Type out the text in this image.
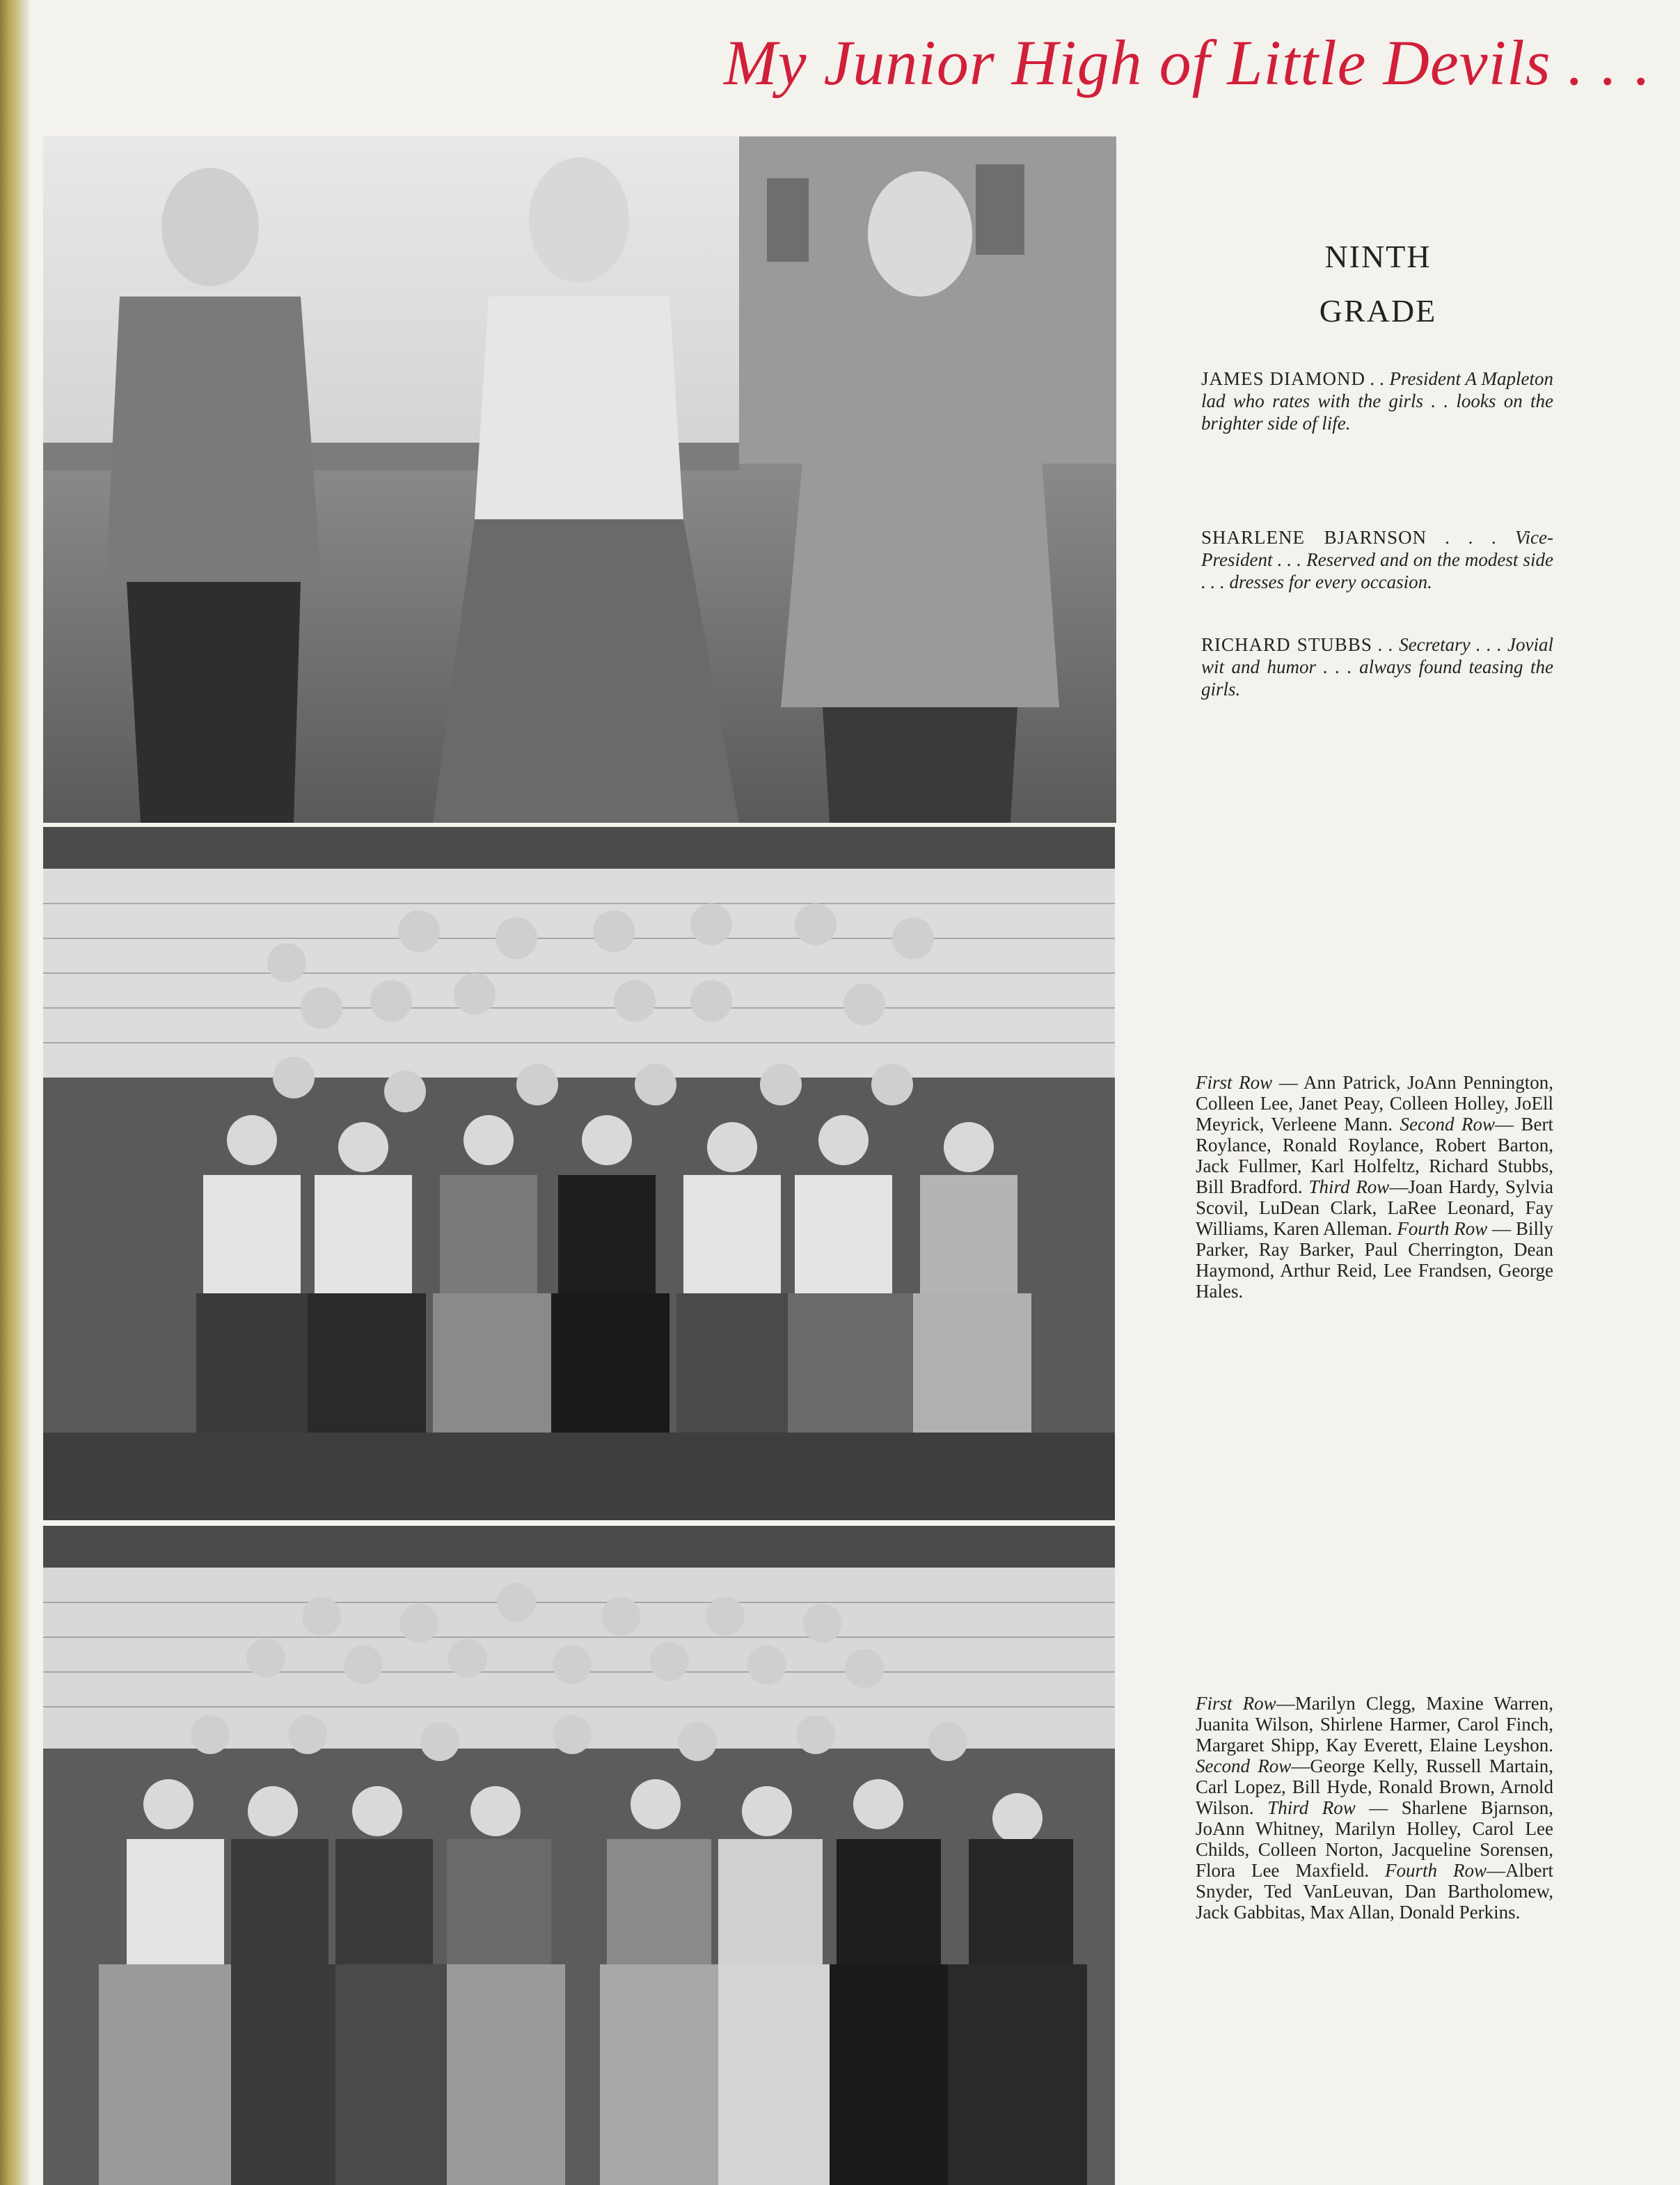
My Junior High of Little Devils . . .
NINTH
GRADE
JAMES DIAMOND . . President A Mapleton lad who rates with the girls . . looks on the brighter side of life.
SHARLENE BJARNSON . . . Vice-President . . . Reserved and on the modest side . . . dresses for every occasion.
RICHARD STUBBS . . Secretary . . . Jovial wit and humor . . . always found teasing the girls.
First Row — Ann Patrick, JoAnn Pennington, Colleen Lee, Janet Peay, Colleen Holley, JoEll Meyrick, Verleene Mann. Second Row— Bert Roylance, Ronald Roylance, Robert Barton, Jack Fullmer, Karl Holfeltz, Richard Stubbs, Bill Bradford. Third Row—Joan Hardy, Sylvia Scovil, LuDean Clark, LaRee Leonard, Fay Williams, Karen Alleman. Fourth Row — Billy Parker, Ray Barker, Paul Cherrington, Dean Haymond, Arthur Reid, Lee Frandsen, George Hales.
First Row—Marilyn Clegg, Maxine Warren, Juanita Wilson, Shirlene Harmer, Carol Finch, Margaret Shipp, Kay Everett, Elaine Leyshon. Second Row—George Kelly, Russell Martain, Carl Lopez, Bill Hyde, Ronald Brown, Arnold Wilson. Third Row — Sharlene Bjarnson, JoAnn Whitney, Marilyn Holley, Carol Lee Childs, Colleen Norton, Jacqueline Sorensen, Flora Lee Maxfield. Fourth Row—Albert Snyder, Ted VanLeuvan, Dan Bartholomew, Jack Gabbitas, Max Allan, Donald Perkins.
